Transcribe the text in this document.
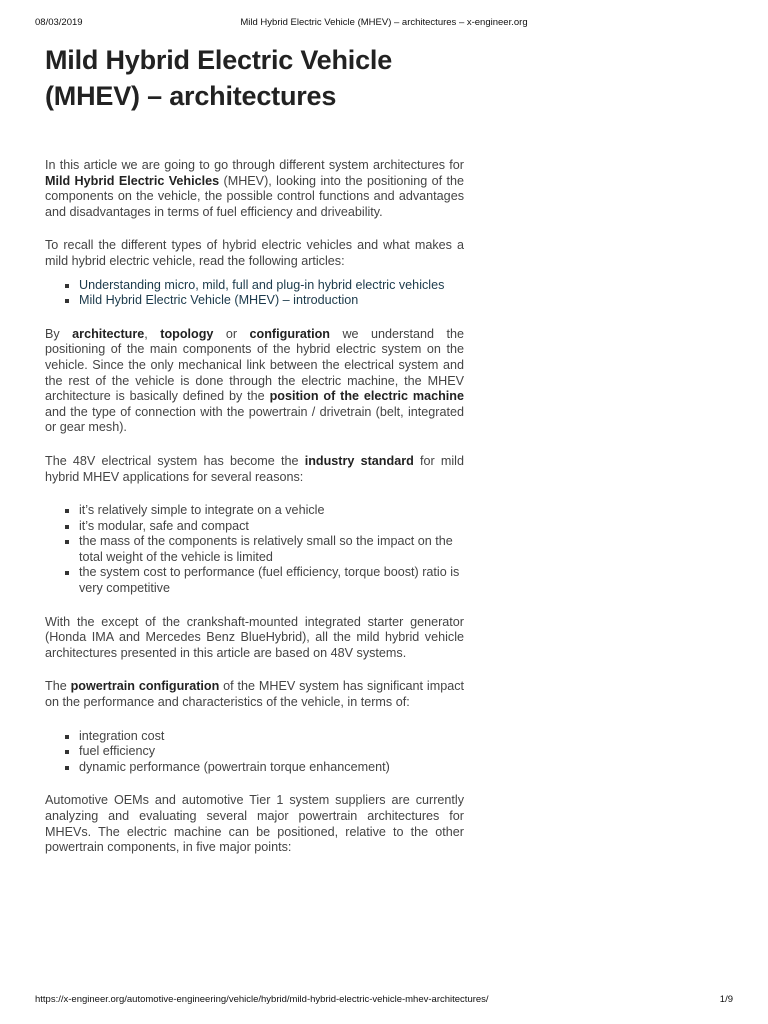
08/03/2019	Mild Hybrid Electric Vehicle (MHEV) – architectures – x-engineer.org
Mild Hybrid Electric Vehicle
(MHEV) – architectures

In this article we are going to go through different system architectures for Mild Hybrid Electric Vehicles (MHEV), looking into the positioning of the components on the vehicle, the possible control functions and advantages and disadvantages in terms of fuel efficiency and driveability.

To recall the different types of hybrid electric vehicles and what makes a mild hybrid electric vehicle, read the following articles:

Understanding micro, mild, full and plug-in hybrid electric vehicles
Mild Hybrid Electric Vehicle (MHEV) – introduction

By architecture, topology or configuration we understand the positioning of the main components of the hybrid electric system on the vehicle. Since the only mechanical link between the electrical system and the rest of the vehicle is done through the electric machine, the MHEV architecture is basically defined by the position of the electric machine and the type of connection with the powertrain / drivetrain (belt, integrated or gear mesh).

The 48V electrical system has become the industry standard for mild hybrid MHEV applications for several reasons:

it’s relatively simple to integrate on a vehicle
it’s modular, safe and compact
the mass of the components is relatively small so the impact on the total weight of the vehicle is limited
the system cost to performance (fuel efficiency, torque boost) ratio is very competitive

With the except of the crankshaft-mounted integrated starter generator (Honda IMA and Mercedes Benz BlueHybrid), all the mild hybrid vehicle architectures presented in this article are based on 48V systems.

The powertrain configuration of the MHEV system has significant impact on the performance and characteristics of the vehicle, in terms of:

integration cost
fuel efficiency
dynamic performance (powertrain torque enhancement)

Automotive OEMs and automotive Tier 1 system suppliers are currently analyzing and evaluating several major powertrain architectures for MHEVs. The electric machine can be positioned, relative to the other powertrain components, in five major points:

https://x-engineer.org/automotive-engineering/vehicle/hybrid/mild-hybrid-electric-vehicle-mhev-architectures/	1/9
